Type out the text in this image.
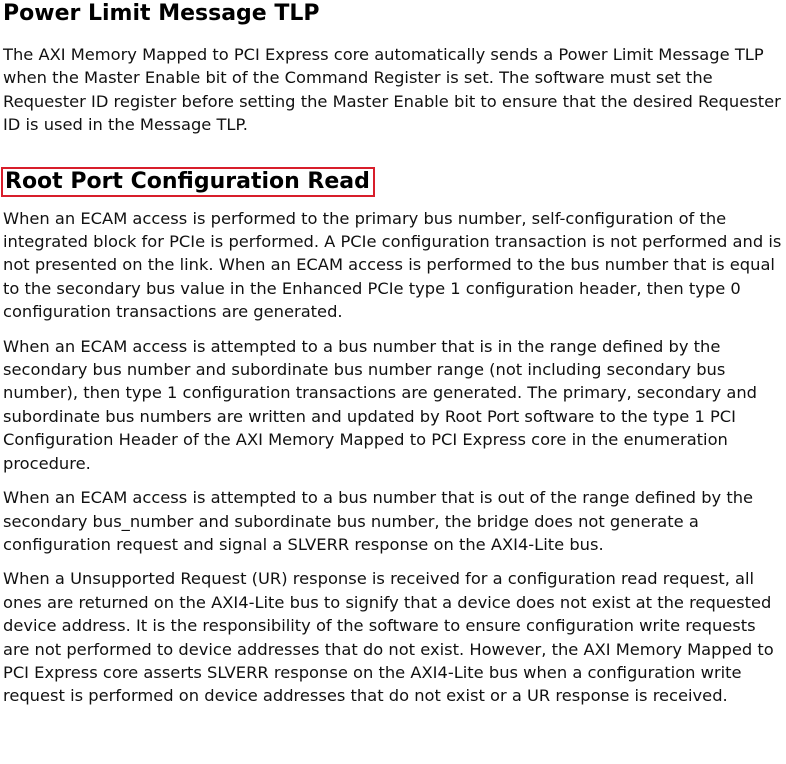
Power Limit Message TLP

The AXI Memory Mapped to PCI Express core automatically sends a Power Limit Message TLP when the Master Enable bit of the Command Register is set. The software must set the Requester ID register before setting the Master Enable bit to ensure that the desired Requester ID is used in the Message TLP.

Root Port Configuration Read

When an ECAM access is performed to the primary bus number, self-configuration of the integrated block for PCIe is performed. A PCIe configuration transaction is not performed and is not presented on the link. When an ECAM access is performed to the bus number that is equal to the secondary bus value in the Enhanced PCIe type 1 configuration header, then type 0 configuration transactions are generated.

When an ECAM access is attempted to a bus number that is in the range defined by the secondary bus number and subordinate bus number range (not including secondary bus number), then type 1 configuration transactions are generated. The primary, secondary and subordinate bus numbers are written and updated by Root Port software to the type 1 PCI Configuration Header of the AXI Memory Mapped to PCI Express core in the enumeration procedure.

When an ECAM access is attempted to a bus number that is out of the range defined by the secondary bus_number and subordinate bus number, the bridge does not generate a configuration request and signal a SLVERR response on the AXI4-Lite bus.

When a Unsupported Request (UR) response is received for a configuration read request, all ones are returned on the AXI4-Lite bus to signify that a device does not exist at the requested device address. It is the responsibility of the software to ensure configuration write requests are not performed to device addresses that do not exist. However, the AXI Memory Mapped to PCI Express core asserts SLVERR response on the AXI4-Lite bus when a configuration write request is performed on device addresses that do not exist or a UR response is received.
